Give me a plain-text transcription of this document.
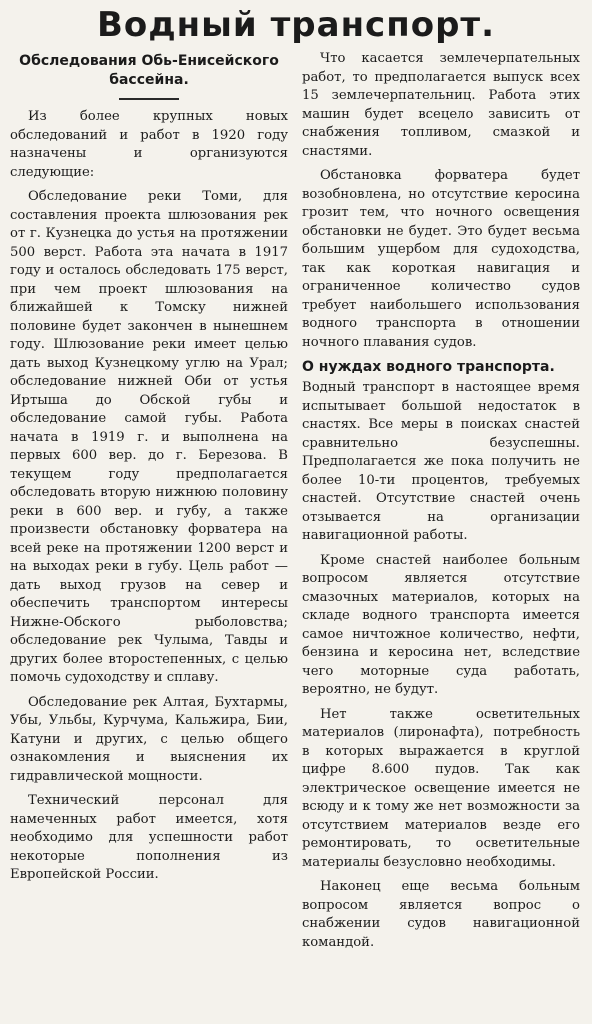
Водный транспорт.
Обследования Обь-Енисейского бассейна.

Из более крупных новых обследований и работ в 1920 году назначены и организуются следующие:

Обследование реки Томи, для составления проекта шлюзования рек от г. Кузнецка до устья на протяжении 500 верст. Работа эта начата в 1917 году и осталось обследовать 175 верст, при чем проект шлюзования на ближайшей к Томску нижней половине будет закончен в нынешнем году. Шлюзование реки имеет целью дать выход Кузнецкому углю на Урал; обследование нижней Оби от устья Иртыша до Обской губы и обследование самой губы. Работа начата в 1919 г. и выполнена на первых 600 вер. до г. Березова. В текущем году предполагается обследовать вторую нижнюю половину реки в 600 вер. и губу, а также произвести обстановку форватера на всей реке на протяжении 1200 верст и на выходах реки в губу. Цель работ — дать выход грузов на север и обеспечить транспортом интересы Нижне-Обского рыболовства; обследование рек Чулыма, Тавды и других более второстепенных, с целью помочь судоходству и сплаву.

Обследование рек Алтая, Бухтармы, Убы, Ульбы, Курчума, Кальжира, Бии, Катуни и других, с целью общего ознакомления и выяснения их гидравлической мощности.

Технический персонал для намеченных работ имеется, хотя необходимо для успешности работ некоторые пополнения из Европейской России.

Что касается землечерпательных работ, то предполагается выпуск всех 15 землечерпательниц. Работа этих машин будет всецело зависить от снабжения топливом, смазкой и снастями.

Обстановка форватера будет возобновлена, но отсутствие керосина грозит тем, что ночного освещения обстановки не будет. Это будет весьма большим ущербом для судоходства, так как короткая навигация и ограниченное количество судов требует наибольшего использования водного транспорта в отношении ночного плавания судов.

О нуждах водного транспорта.

Водный транспорт в настоящее время испытывает большой недостаток в снастях. Все меры в поисках снастей сравнительно безуспешны. Предполагается же пока получить не более 10-ти процентов, требуемых снастей. Отсутствие снастей очень отзывается на организации навигационной работы.

Кроме снастей наиболее больным вопросом является отсутствие смазочных материалов, которых на складе водного транспорта имеется самое ничтожное количество, нефти, бензина и керосина нет, вследствие чего моторные суда работать, вероятно, не будут.

Нет также осветительных материалов (лиронафта), потребность в которых выражается в круглой цифре 8.600 пудов. Так как электрическое освещение имеется не всюду и к тому же нет возможности за отсутствием материалов везде его ремонтировать, то осветительные материалы безусловно необходимы.

Наконец еще весьма больным вопросом является вопрос о снабжении судов навигационной командой.
